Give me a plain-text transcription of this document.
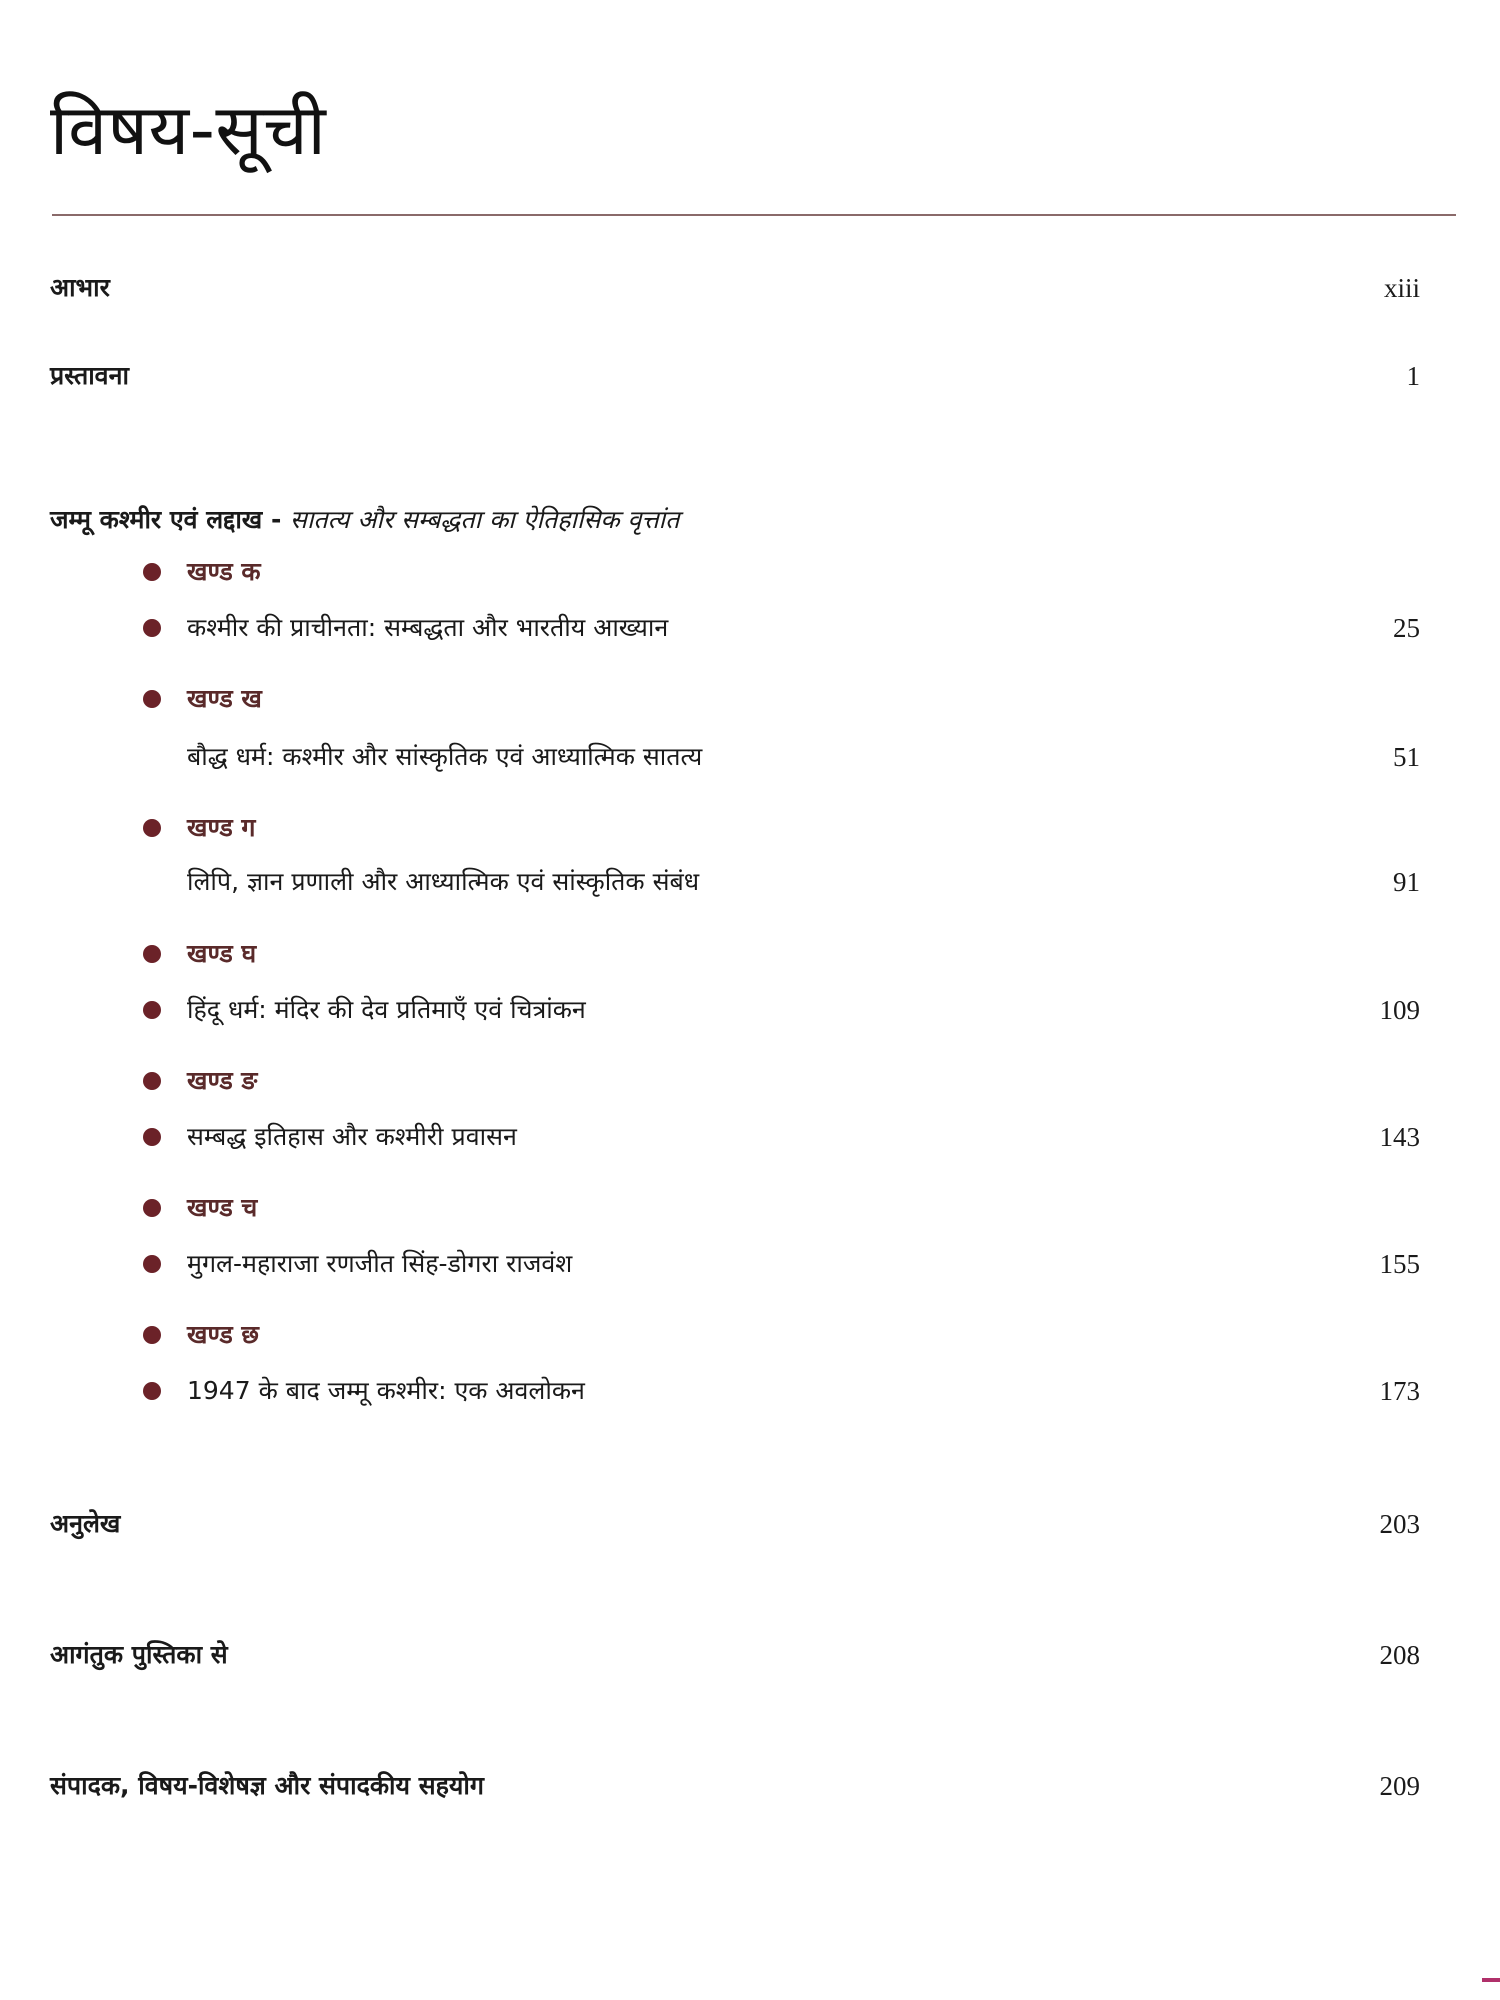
विषय-सूची
आभार	xiii
प्रस्तावना	1
जम्मू कश्मीर एवं लद्दाख - सातत्य और सम्बद्धता का ऐतिहासिक वृत्तांत
खण्ड क
कश्मीर की प्राचीनता: सम्बद्धता और भारतीय आख्यान	25
खण्ड ख
बौद्ध धर्म: कश्मीर और सांस्कृतिक एवं आध्यात्मिक सातत्य	51
खण्ड ग
लिपि, ज्ञान प्रणाली और आध्यात्मिक एवं सांस्कृतिक संबंध	91
खण्ड घ
हिंदू धर्म: मंदिर की देव प्रतिमाएँ एवं चित्रांकन	109
खण्ड ङ
सम्बद्ध इतिहास और कश्मीरी प्रवासन	143
खण्ड च
मुगल-महाराजा रणजीत सिंह-डोगरा राजवंश	155
खण्ड छ
1947 के बाद जम्मू कश्मीर: एक अवलोकन	173
अनुलेख	203
आगंतुक पुस्तिका से	208
संपादक, विषय-विशेषज्ञ और संपादकीय सहयोग	209
